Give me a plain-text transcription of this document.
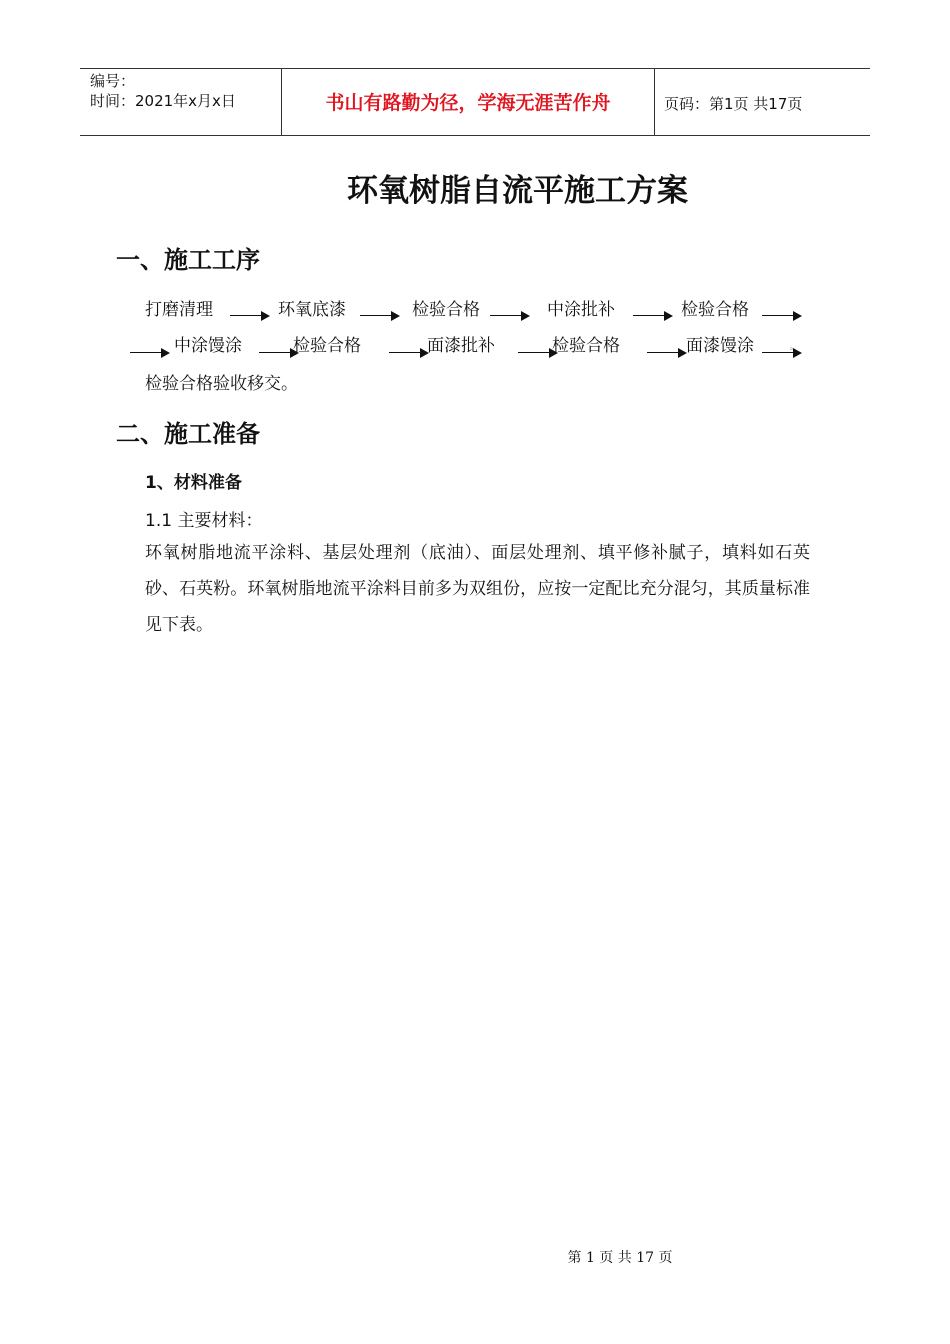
编号：
时间：2021年x月x日	书山有路勤为径，学海无涯苦作舟	页码：第1页 共17页
环氧树脂自流平施工方案
一、施工工序
打磨清理	环氧底漆	检验合格	中涂批补	检验合格
中涂馒涂	检验合格	面漆批补	检验合格	面漆馒涂	。
检验合格验收移交。
二、施工准备
1、材料准备
1.1 主要材料：
环氧树脂地流平涂料、基层处理剂（底油）、面层处理剂、填平修补腻子，填料如石英砂、石英粉。环氧树脂地流平涂料目前多为双组份，应按一定配比充分混匀，其质量标准见下表。
第 1 页 共 17 页
